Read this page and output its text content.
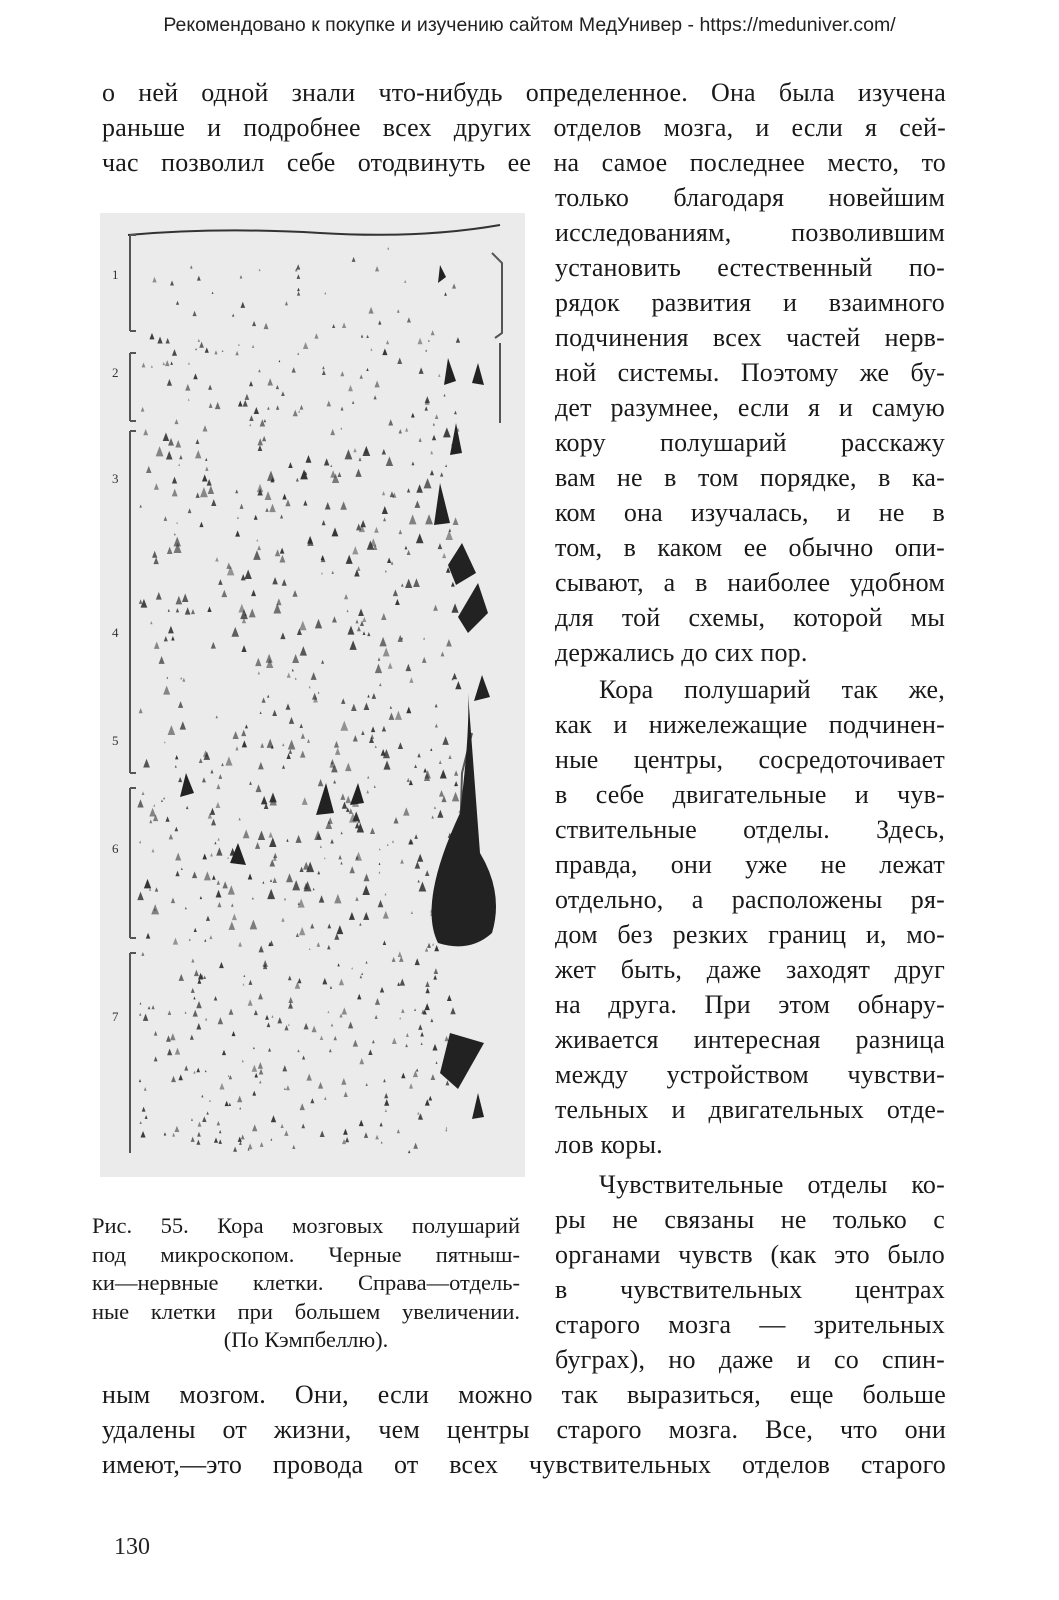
Рекомендовано к покупке и изучению сайтом МедУнивер - https://meduniver.com/
о ней одной знали что-нибудь определенное. Она была изучена
раньше и подробнее всех других отделов мозга, и если я сей-
час позволил себе отодвинуть ее на самое последнее место, то
только благодаря новейшим
исследованиям, позволившим
установить естественный по-
рядок развития и взаимного
подчинения всех частей нерв-
ной системы. Поэтому же бу-
дет разумнее, если я и самую
кору полушарий расскажу
вам не в том порядке, в ка-
ком она изучалась, и не в
том, в каком ее обычно опи-
сывают, а в наиболее удобном
для той схемы, которой мы
держались до сих пор.
Кора полушарий так же,
как и нижележащие подчинен-
ные центры, сосредоточивает
в себе двигательные и чув-
ствительные отделы. Здесь,
правда, они уже не лежат
отдельно, а расположены ря-
дом без резких границ и, мо-
жет быть, даже заходят друг
на друга. При этом обнару-
живается интересная разница
между устройством чувстви-
тельных и двигательных отде-
лов коры.
Чувствительные отделы ко-
ры не связаны не только с
органами чувств (как это было
в чувствительных центрах
старого мозга — зрительных
буграх), но даже и со спин-
ным мозгом. Они, если можно так выразиться, еще больше
удалены от жизни, чем центры старого мозга. Все, что они
имеют,—это провода от всех чувствительных отделов старого
1
2
3
4
5
6
7
Рис. 55. Кора мозговых полушарий
под микроскопом. Черные пятныш-
ки—нервные клетки. Справа—отдель-
ные клетки при большем увеличении.
(По Кэмпбеллю).
130
